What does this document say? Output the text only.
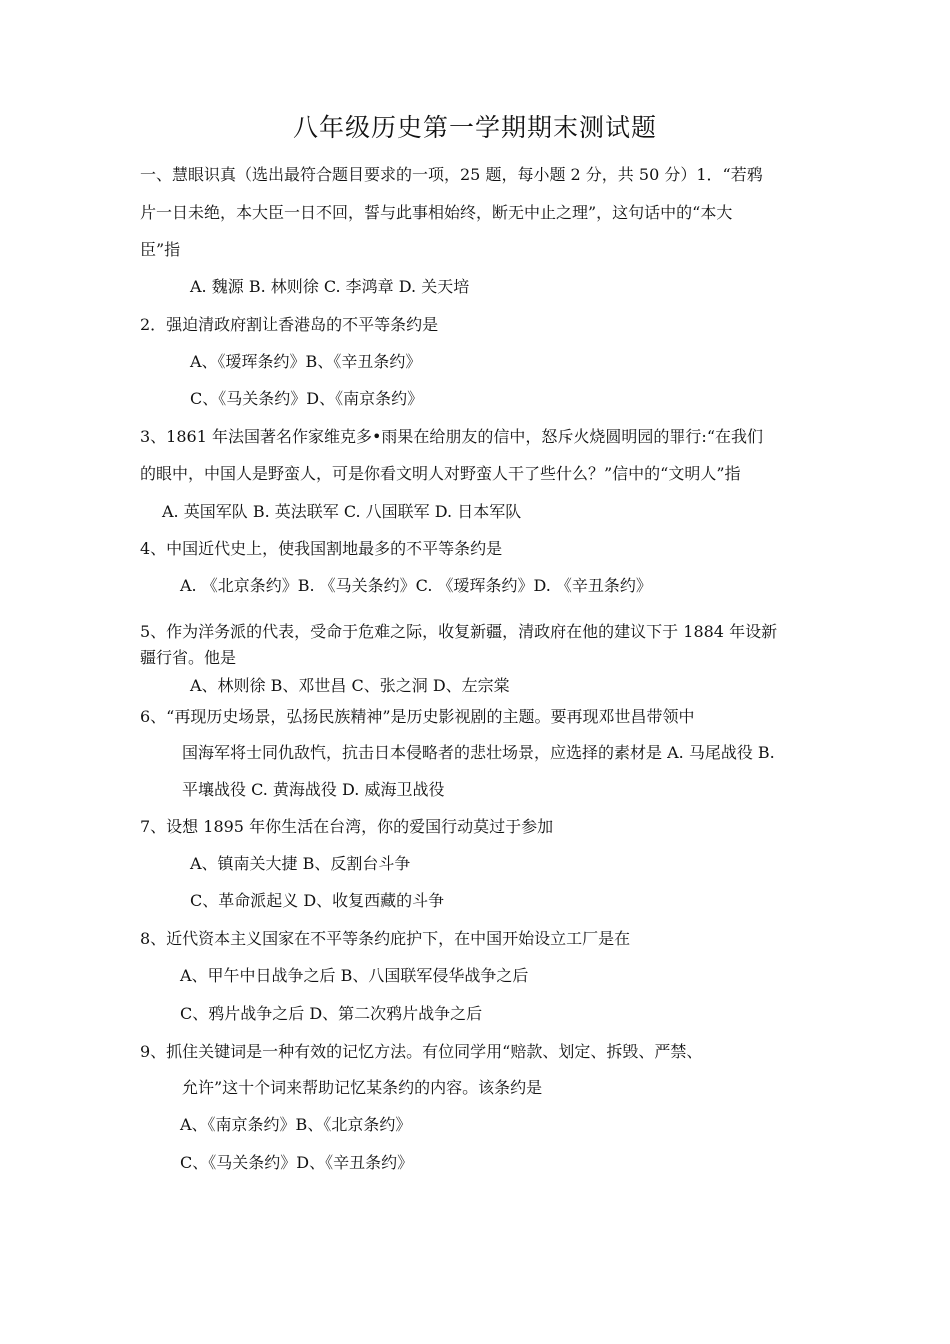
八年级历史第一学期期末测试题
一、慧眼识真（选出最符合题目要求的一项，25 题，每小题 2 分，共 50 分）1．“若鸦
片一日未绝，本大臣一日不回，誓与此事相始终，断无中止之理”，这句话中的“本大
臣”指
A. 魏源 B. 林则徐 C. 李鸿章 D. 关天培
2．强迫清政府割让香港岛的不平等条约是
A、《瑷珲条约》B、《辛丑条约》
C、《马关条约》D、《南京条约》
3、1861 年法国著名作家维克多•雨果在给朋友的信中，怒斥火烧圆明园的罪行:“在我们
的眼中，中国人是野蛮人，可是你看文明人对野蛮人干了些什么？”信中的“文明人”指
A. 英国军队 B. 英法联军 C. 八国联军 D. 日本军队
4、中国近代史上，使我国割地最多的不平等条约是
A. 《北京条约》B. 《马关条约》C. 《瑷珲条约》D. 《辛丑条约》
5、作为洋务派的代表，受命于危难之际，收复新疆，清政府在他的建议下于 1884 年设新
疆行省。他是
A、林则徐 B、邓世昌 C、张之洞 D、左宗棠
6、“再现历史场景，弘扬民族精神”是历史影视剧的主题。要再现邓世昌带领中
国海军将士同仇敌忾，抗击日本侵略者的悲壮场景，应选择的素材是 A. 马尾战役 B.
平壤战役 C. 黄海战役 D. 威海卫战役
7、设想 1895 年你生活在台湾，你的爱国行动莫过于参加
A、镇南关大捷 B、反割台斗争
C、革命派起义 D、收复西藏的斗争
8、近代资本主义国家在不平等条约庇护下，在中国开始设立工厂是在
A、甲午中日战争之后 B、八国联军侵华战争之后
C、鸦片战争之后 D、第二次鸦片战争之后
9、抓住关键词是一种有效的记忆方法。有位同学用“赔款、划定、拆毁、严禁、
允许”这十个词来帮助记忆某条约的内容。该条约是
A、《南京条约》B、《北京条约》
C、《马关条约》D、《辛丑条约》
